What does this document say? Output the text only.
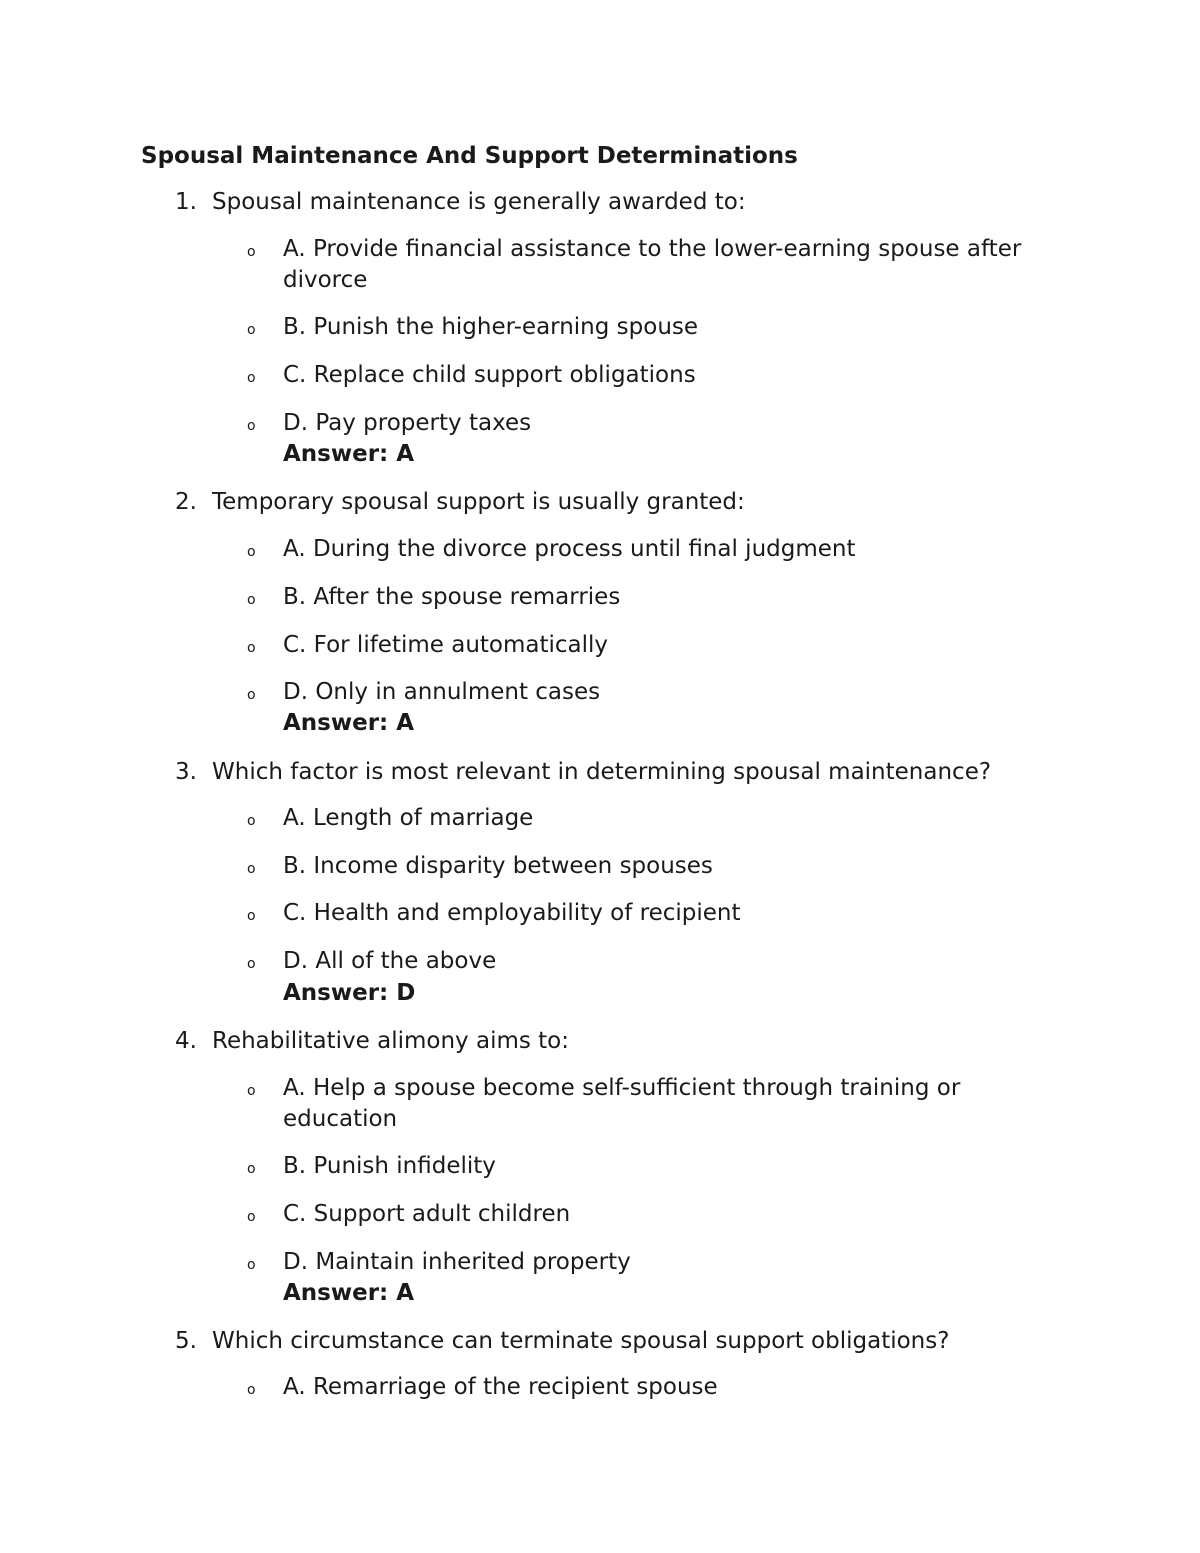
Spousal Maintenance And Support Determinations
1. Spousal maintenance is generally awarded to:
o A. Provide financial assistance to the lower-earning spouse after divorce
o B. Punish the higher-earning spouse
o C. Replace child support obligations
o D. Pay property taxes
Answer: A
2. Temporary spousal support is usually granted:
o A. During the divorce process until final judgment
o B. After the spouse remarries
o C. For lifetime automatically
o D. Only in annulment cases
Answer: A
3. Which factor is most relevant in determining spousal maintenance?
o A. Length of marriage
o B. Income disparity between spouses
o C. Health and employability of recipient
o D. All of the above
Answer: D
4. Rehabilitative alimony aims to:
o A. Help a spouse become self-sufficient through training or education
o B. Punish infidelity
o C. Support adult children
o D. Maintain inherited property
Answer: A
5. Which circumstance can terminate spousal support obligations?
o A. Remarriage of the recipient spouse
